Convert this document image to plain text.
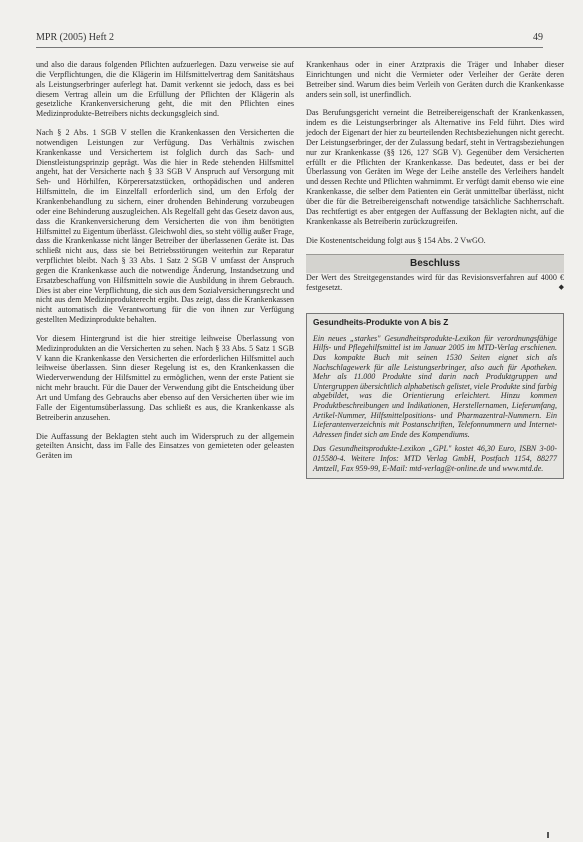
MPR (2005) Heft 2	49

und also die daraus folgenden Pflichten aufzuerlegen. Dazu verweise sie auf die Verpflichtungen, die die Klägerin im Hilfsmittelvertrag dem Sanitätshaus als Leistungserbringer auferlegt hat. Damit verkennt sie jedoch, dass es bei diesem Vertrag allein um die Erfüllung der Pflichten der Klägerin als gesetzliche Krankenversicherung geht, die mit den Pflichten eines Medizinprodukte-Betreibers nichts deckungsgleich sind.

Nach § 2 Abs. 1 SGB V stellen die Krankenkassen den Versicherten die notwendigen Leistungen zur Verfügung. Das Verhältnis zwischen Krankenkasse und Versichertem ist folglich durch das Sach- und Dienstleistungsprinzip geprägt. Was die hier in Rede stehenden Hilfsmittel angeht, hat der Versicherte nach § 33 SGB V Anspruch auf Versorgung mit Seh- und Hörhilfen, Körperersatzstücken, orthopädischen und anderen Hilfsmitteln, die im Einzelfall erforderlich sind, um den Erfolg der Krankenbehandlung zu sichern, einer drohenden Behinderung vorzubeugen oder eine Behinderung auszugleichen. Als Regelfall geht das Gesetz davon aus, dass die Krankenversicherung dem Versicherten die von ihm benötigten Hilfsmittel zu Eigentum überlässt. Gleichwohl dies, so steht völlig außer Frage, dass die Krankenkasse nicht länger Betreiber der überlassenen Geräte ist. Das schließt nicht aus, dass sie bei Betriebsstörungen weiterhin zur Reparatur verpflichtet bleibt. Nach § 33 Abs. 1 Satz 2 SGB V umfasst der Anspruch gegen die Krankenkasse auch die notwendige Änderung, Instandsetzung und Ersatzbeschaffung von Hilfsmitteln sowie die Ausbildung in ihrem Gebrauch. Dies ist aber eine Verpflichtung, die sich aus dem Sozialversicherungsrecht und nicht aus dem Medizinprodukterecht ergibt. Das zeigt, dass die Krankenkassen nicht automatisch die Verantwortung für die von ihnen zur Verfügung gestellten Medizinprodukte behalten.

Vor diesem Hintergrund ist die hier streitige leihweise Überlassung von Medizinprodukten an die Versicherten zu sehen. Nach § 33 Abs. 5 Satz 1 SGB V kann die Krankenkasse den Versicherten die erforderlichen Hilfsmittel auch leihweise überlassen. Sinn dieser Regelung ist es, den Krankenkassen die Wiederverwendung der Hilfsmittel zu ermöglichen, wenn der erste Patient sie nicht mehr braucht. Für die Dauer der Verwendung gibt die Entscheidung über Art und Umfang des Gebrauchs aber ebenso auf den Versicherten über wie im Falle der Eigentumsüberlassung. Das schließt es aus, die Krankenkasse als Betreiberin anzusehen.

Die Auffassung der Beklagten steht auch im Widerspruch zu der allgemein geteilten Ansicht, dass im Falle des Einsatzes von gemieteten oder geleasten Geräten im

Krankenhaus oder in einer Arztpraxis die Träger und Inhaber dieser Einrichtungen und nicht die Vermieter oder Verleiher der Geräte deren Betreiber sind. Warum dies beim Verleih von Geräten durch die Krankenkasse anders sein soll, ist unerfindlich.

Das Berufungsgericht verneint die Betreibereigenschaft der Krankenkassen, indem es die Leistungserbringer als Alternative ins Feld führt. Dies wird jedoch der Eigenart der hier zu beurteilenden Rechtsbeziehungen nicht gerecht. Der Leistungserbringer, der der Zulassung bedarf, steht in Vertragsbeziehungen nur zur Krankenkasse (§§ 126, 127 SGB V). Gegenüber dem Versicherten erfüllt er die Pflichten der Krankenkasse. Das bedeutet, dass er bei der Überlassung von Geräten im Wege der Leihe anstelle des Verleihers handelt und dessen Rechte und Pflichten wahrnimmt. Er verfügt damit ebenso wie eine Krankenkasse, die selber dem Patienten ein Gerät unmittelbar überlässt, nicht über die für die Betreibereigenschaft notwendige tatsächliche Sachherrschaft. Das rechtfertigt es aber entgegen der Auffassung der Beklagten nicht, auf die Krankenkasse als Betreiberin zurückzugreifen.

Die Kostenentscheidung folgt aus § 154 Abs. 2 VwGO.

Beschluss

Der Wert des Streitgegenstandes wird für das Revisionsverfahren auf 4000 € festgesetzt.	◆

Gesundheits-Produkte von A bis Z

Ein neues „starkes" Gesundheitsprodukte-Lexikon für verordnungsfähige Hilfs- und Pflegehilfsmittel ist im Januar 2005 im MTD-Verlag erschienen. Das kompakte Buch mit seinen 1530 Seiten eignet sich als Nachschlagewerk für alle Leistungserbringer, also auch für Apotheken. Mehr als 11.000 Produkte sind darin nach Produktgruppen und Untergruppen übersichtlich alphabetisch gelistet, viele Produkte sind farbig abgebildet, was die Orientierung erleichtert. Hinzu kommen Produktbeschreibungen und Indikationen, Herstellernamen, Lieferumfang, Artikel-Nummer, Hilfsmittelpositions- und Pharmazentral-Nummern. Ein Lieferantenverzeichnis mit Postanschriften, Telefonnummern und Internet-Adressen findet sich am Ende des Kompendiums.

Das Gesundheitsprodukte-Lexikon „GPL" kostet 46,30 Euro, ISBN 3-00-015580-4. Weitere Infos: MTD Verlag GmbH, Postfach 1154, 88277 Amtzell, Fax 959-99, E-Mail: mtd-verlag@t-online.de und www.mtd.de.
